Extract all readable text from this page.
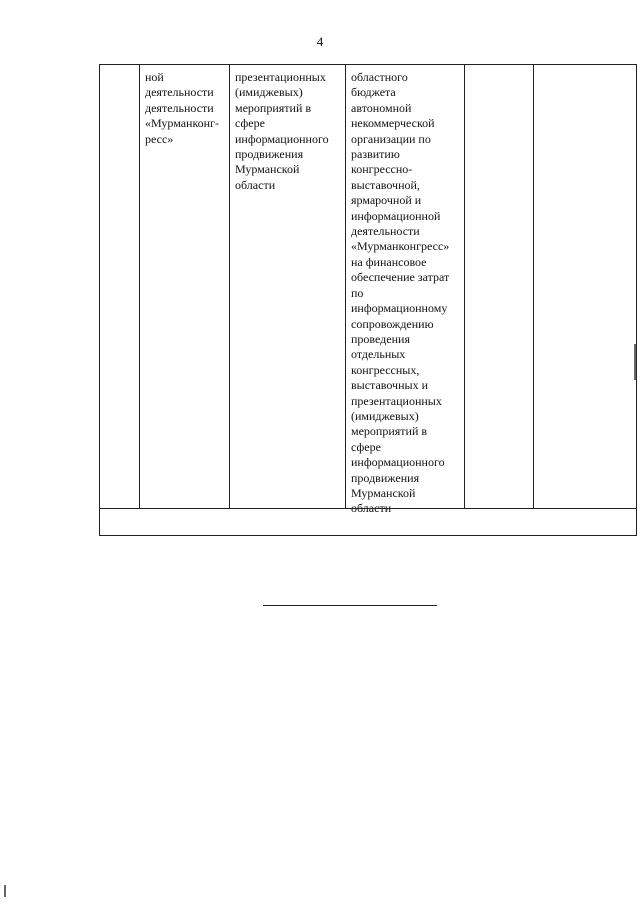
4
ной
деятельности
деятельности
«Мурманконг-
ресс»
презентационных
(имиджевых)
мероприятий в
сфере
информационного
продвижения
Мурманской
области
областного
бюджета
автономной
некоммерческой
организации по
развитию
конгрессно-
выставочной,
ярмарочной и
информационной
деятельности
«Мурманконгресс»
на финансовое
обеспечение затрат
по
информационному
сопровождению
проведения
отдельных
конгрессных,
выставочных и
презентационных
(имиджевых)
мероприятий в
сфере
информационного
продвижения
Мурманской
области
